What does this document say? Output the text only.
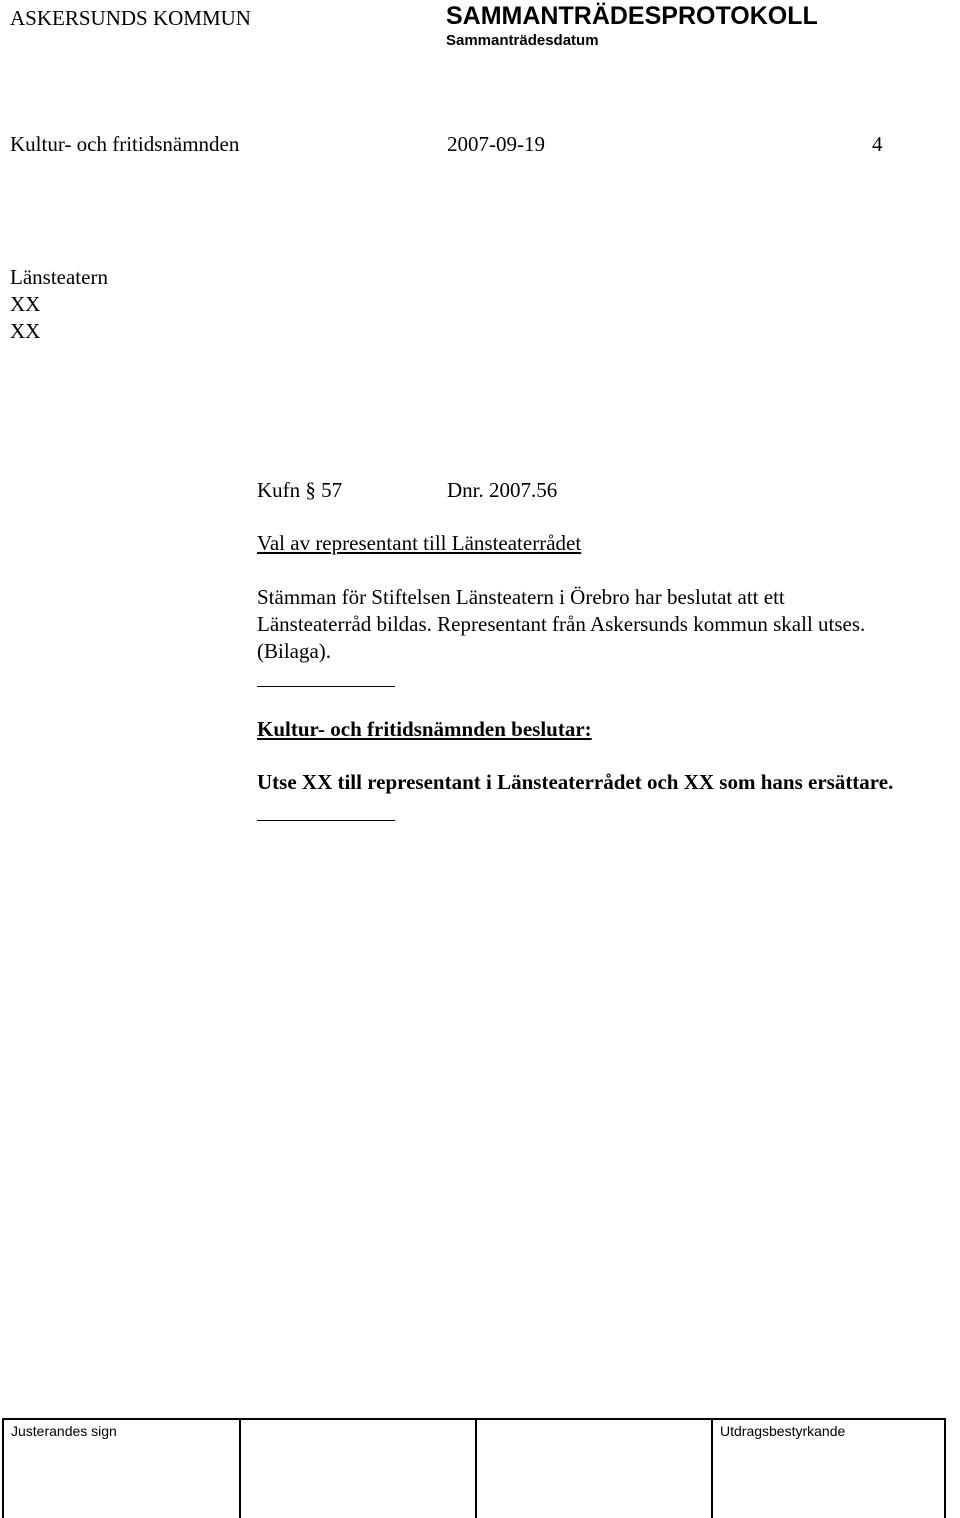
ASKERSUNDS KOMMUN	SAMMANTRÄDESPROTOKOLL
Sammanträdesdatum
Kultur- och fritidsnämnden	2007-09-19	4
Länsteatern
XX
XX
Kufn § 57	Dnr. 2007.56
Val av representant till Länsteaterrådet
Stämman för Stiftelsen Länsteatern i Örebro har beslutat att ett
Länsteaterråd bildas. Representant från Askersunds kommun skall utses.
(Bilaga).
Kultur- och fritidsnämnden beslutar:
Utse XX till representant i Länsteaterrådet och XX som hans ersättare.
Justerandes sign	Utdragsbestyrkande
